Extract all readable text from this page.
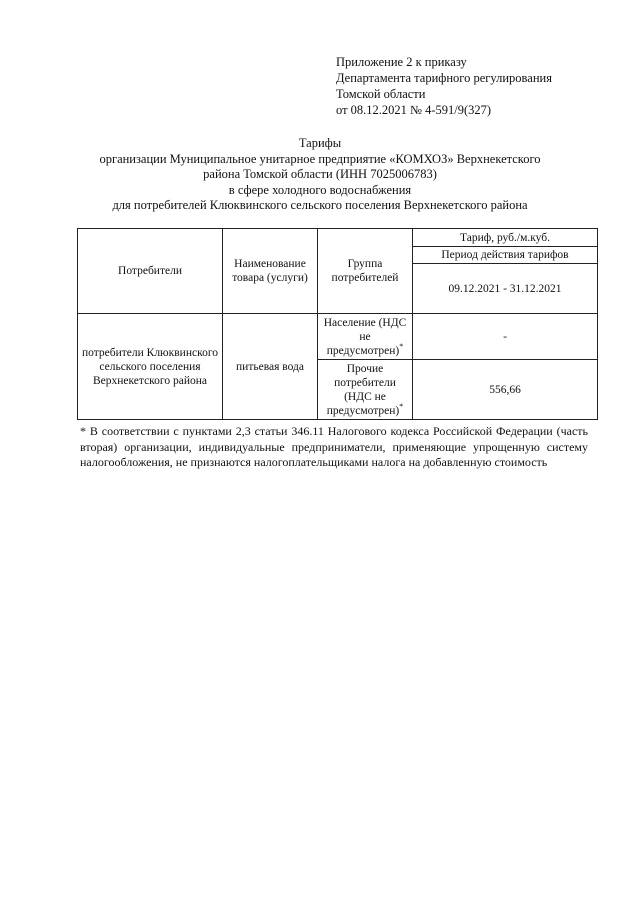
Приложение 2 к приказу
Департамента тарифного регулирования
Томской области
от 08.12.2021 № 4-591/9(327)
Тарифы
организации Муниципальное унитарное предприятие «КОМХОЗ» Верхнекетского
района Томской области (ИНН 7025006783)
в сфере холодного водоснабжения
для потребителей Клюквинского сельского поселения Верхнекетского района
Потребители	Наименование товара (услуги)	Группа потребителей	Тариф, руб./м.куб.
			Период действия тарифов
			09.12.2021 - 31.12.2021
потребители Клюквинского сельского поселения Верхнекетского района	питьевая вода	Население (НДС не предусмотрен)*	-
		Прочие потребители (НДС не предусмотрен)*	556,66
* В соответствии с пунктами 2,3 статьи 346.11 Налогового кодекса Российской Федерации (часть вторая) организации, индивидуальные предприниматели, применяющие упрощенную систему налогообложения, не признаются налогоплательщиками налога на добавленную стоимость
